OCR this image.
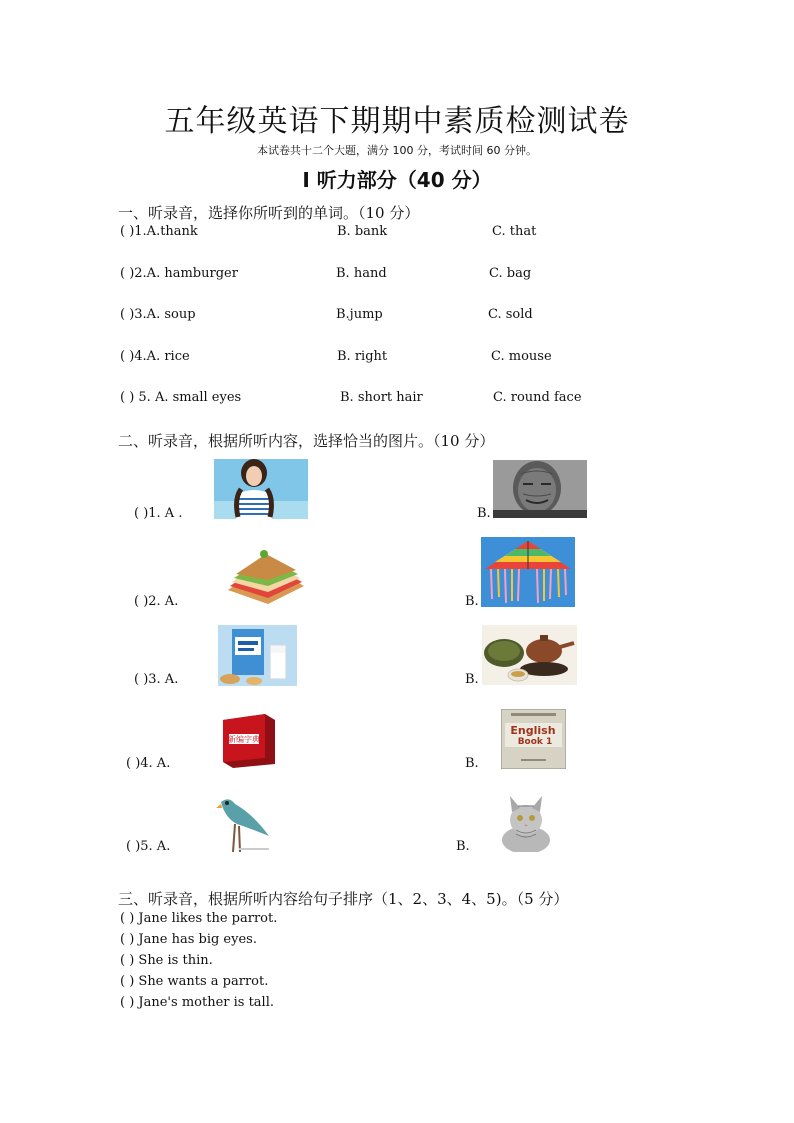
五年级英语下期期中素质检测试卷
本试卷共十二个大题，满分 100 分，考试时间 60 分钟。
I 听力部分（40 分）
一、听录音，选择你所听到的单词。（10 分）
( )1.A.thank	B. bank	C. that
( )2.A. hamburger	B. hand	C. bag
( )3.A. soup	B.jump	C. sold
( )4.A. rice	B. right	C. mouse
( ) 5. A. small eyes	B. short hair	C. round face
二、听录音，根据所听内容，选择恰当的图片。（10 分）
( )1. A .	B.
( )2. A.	B.
( )3. A.	B.
( )4. A.
新编字典
B.
English
Book 1
( )5. A.	B.
三、听录音，根据所听内容给句子排序（1、2、3、4、5)。（5 分）
( ) Jane likes the parrot.
( ) Jane has big eyes.
( ) She is thin.
( ) She wants a parrot.
( ) Jane's mother is tall.
